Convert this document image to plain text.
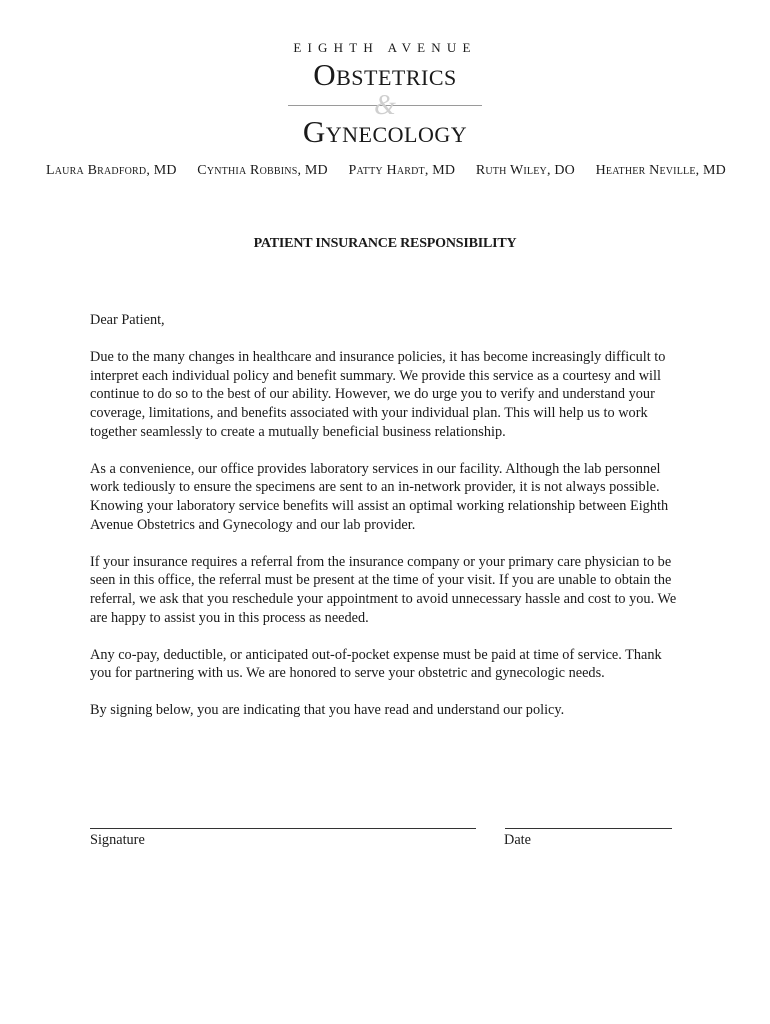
EIGHTH AVENUE
Obstetrics
&
Gynecology
Laura Bradford, MD Cynthia Robbins, MD Patty Hardt, MD Ruth Wiley, DO Heather Neville, MD
PATIENT INSURANCE RESPONSIBILITY

Dear Patient,

Due to the many changes in healthcare and insurance policies, it has become increasingly difficult to interpret each individual policy and benefit summary. We provide this service as a courtesy and will continue to do so to the best of our ability. However, we do urge you to verify and understand your coverage, limitations, and benefits associated with your individual plan. This will help us to work together seamlessly to create a mutually beneficial business relationship.

As a convenience, our office provides laboratory services in our facility. Although the lab personnel work tediously to ensure the specimens are sent to an in-network provider, it is not always possible. Knowing your laboratory service benefits will assist an optimal working relationship between Eighth Avenue Obstetrics and Gynecology and our lab provider.

If your insurance requires a referral from the insurance company or your primary care physician to be seen in this office, the referral must be present at the time of your visit. If you are unable to obtain the referral, we ask that you reschedule your appointment to avoid unnecessary hassle and cost to you. We are happy to assist you in this process as needed.

Any co-pay, deductible, or anticipated out-of-pocket expense must be paid at time of service. Thank you for partnering with us. We are honored to serve your obstetric and gynecologic needs.

By signing below, you are indicating that you have read and understand our policy.

Signature	Date
